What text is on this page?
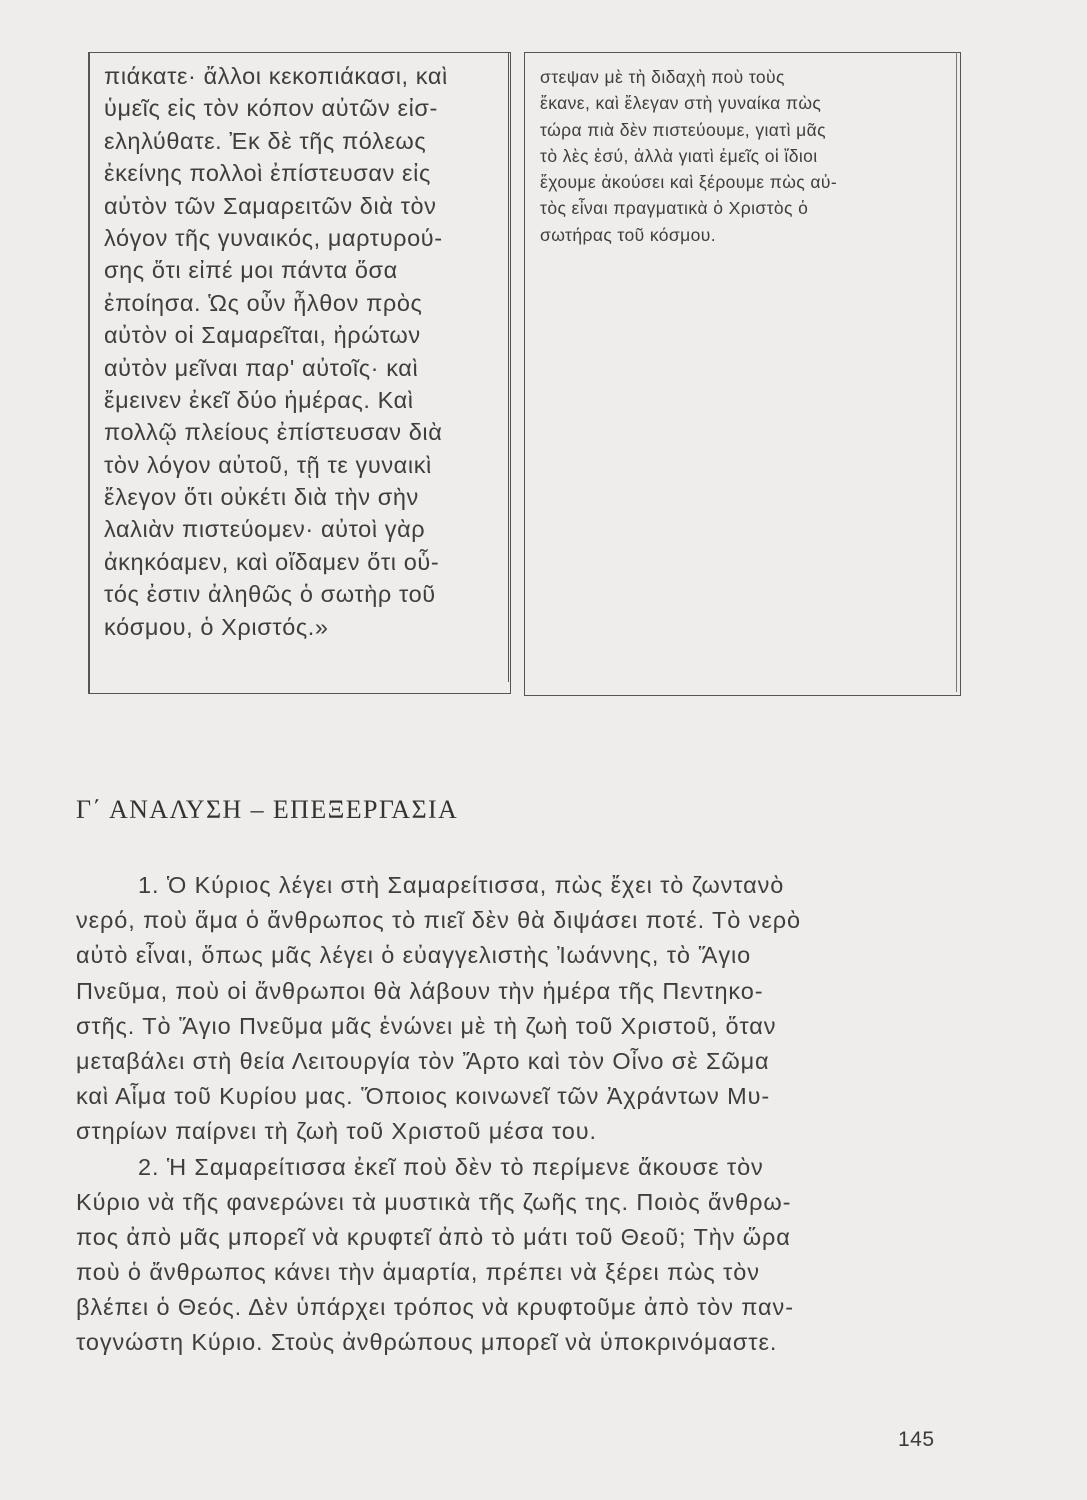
πιάκατε· ἄλλοι κεκοπιάκασι, καὶ
ὑμεῖς εἰς τὸν κόπον αὐτῶν εἰσ-
εληλύθατε. Ἐκ δὲ τῆς πόλεως
ἐκείνης πολλοὶ ἐπίστευσαν εἰς
αὐτὸν τῶν Σαμαρειτῶν διὰ τὸν
λόγον τῆς γυναικός, μαρτυρού-
σης ὅτι εἰπέ μοι πάντα ὅσα
ἐποίησα. Ὡς οὖν ἦλθον πρὸς
αὐτὸν οἱ Σαμαρεῖται, ἠρώτων
αὐτὸν μεῖναι παρ' αὐτοῖς· καὶ
ἔμεινεν ἐκεῖ δύο ἡμέρας. Καὶ
πολλῷ πλείους ἐπίστευσαν διὰ
τὸν λόγον αὐτοῦ, τῇ τε γυναικὶ
ἔλεγον ὅτι οὐκέτι διὰ τὴν σὴν
λαλιὰν πιστεύομεν· αὐτοὶ γὰρ
ἀκηκόαμεν, καὶ οἴδαμεν ὅτι οὗ-
τός ἐστιν ἀληθῶς ὁ σωτὴρ τοῦ
κόσμου, ὁ Χριστός.»
στεψαν μὲ τὴ διδαχὴ ποὺ τοὺς
ἔκανε, καὶ ἔλεγαν στὴ γυναίκα πὼς
τώρα πιὰ δὲν πιστεύουμε, γιατὶ μᾶς
τὸ λὲς ἐσύ, ἀλλὰ γιατὶ ἐμεῖς οἱ ἴδιοι
ἔχουμε ἀκούσει καὶ ξέρουμε πὼς αὐ-
τὸς εἶναι πραγματικὰ ὁ Χριστὸς ὁ
σωτήρας τοῦ κόσμου.
Γ΄ ΑΝΑΛΥΣΗ – ΕΠΕΞΕΡΓΑΣΙΑ
1. Ὁ Κύριος λέγει στὴ Σαμαρείτισσα, πὼς ἔχει τὸ ζωντανὸ
νερό, ποὺ ἅμα ὁ ἄνθρωπος τὸ πιεῖ δὲν θὰ διψάσει ποτέ. Τὸ νερὸ
αὐτὸ εἶναι, ὅπως μᾶς λέγει ὁ εὐαγγελιστὴς Ἰωάννης, τὸ Ἅγιο
Πνεῦμα, ποὺ οἱ ἄνθρωποι θὰ λάβουν τὴν ἡμέρα τῆς Πεντηκο-
στῆς. Τὸ Ἅγιο Πνεῦμα μᾶς ἑνώνει μὲ τὴ ζωὴ τοῦ Χριστοῦ, ὅταν
μεταβάλει στὴ θεία Λειτουργία τὸν Ἄρτο καὶ τὸν Οἶνο σὲ Σῶμα
καὶ Αἷμα τοῦ Κυρίου μας. Ὅποιος κοινωνεῖ τῶν Ἀχράντων Μυ-
στηρίων παίρνει τὴ ζωὴ τοῦ Χριστοῦ μέσα του.
2. Ἡ Σαμαρείτισσα ἐκεῖ ποὺ δὲν τὸ περίμενε ἄκουσε τὸν
Κύριο νὰ τῆς φανερώνει τὰ μυστικὰ τῆς ζωῆς της. Ποιὸς ἄνθρω-
πος ἀπὸ μᾶς μπορεῖ νὰ κρυφτεῖ ἀπὸ τὸ μάτι τοῦ Θεοῦ; Τὴν ὥρα
ποὺ ὁ ἄνθρωπος κάνει τὴν ἁμαρτία, πρέπει νὰ ξέρει πὼς τὸν
βλέπει ὁ Θεός. Δὲν ὑπάρχει τρόπος νὰ κρυφτοῦμε ἀπὸ τὸν παν-
τογνώστη Κύριο. Στοὺς ἀνθρώπους μπορεῖ νὰ ὑποκρινόμαστε.
145
